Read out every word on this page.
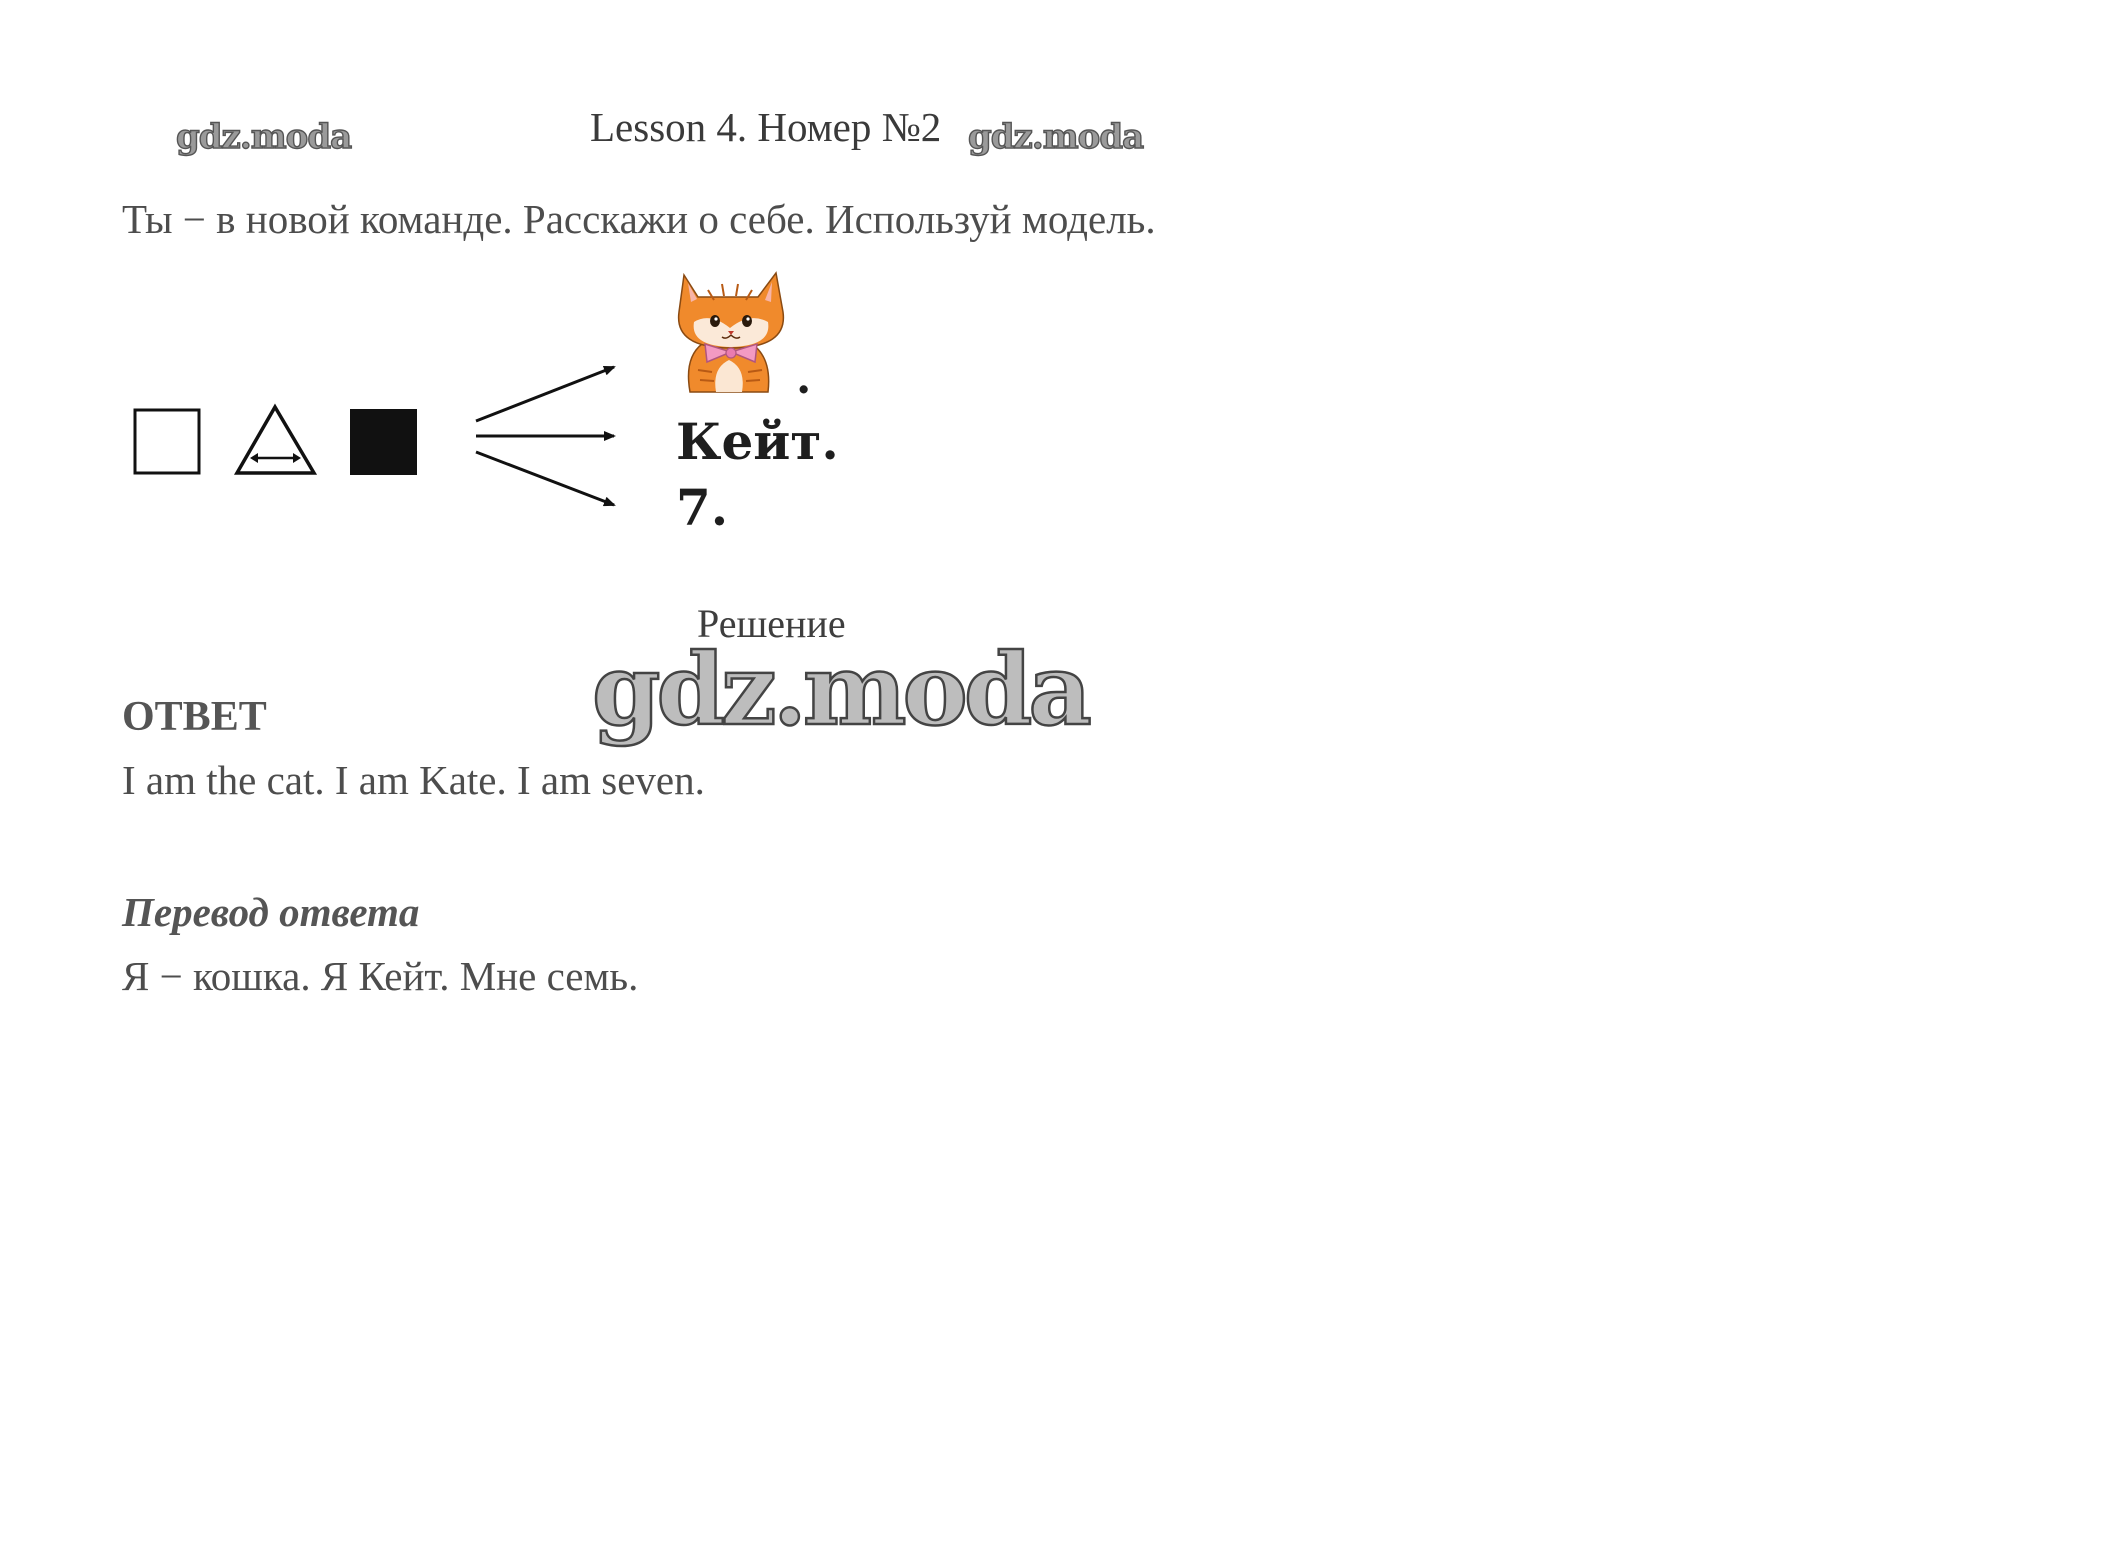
gdz.moda	Lesson 4. Номер №2 gdz.moda
Ты − в новой команде. Расскажи о себе. Используй модель.
.
Кейт.
7.
Решение
gdz.moda
ОТВЕТ
I am the cat. I am Kate. I am seven.
Перевод ответа
Я − кошка. Я Кейт. Мне семь.
